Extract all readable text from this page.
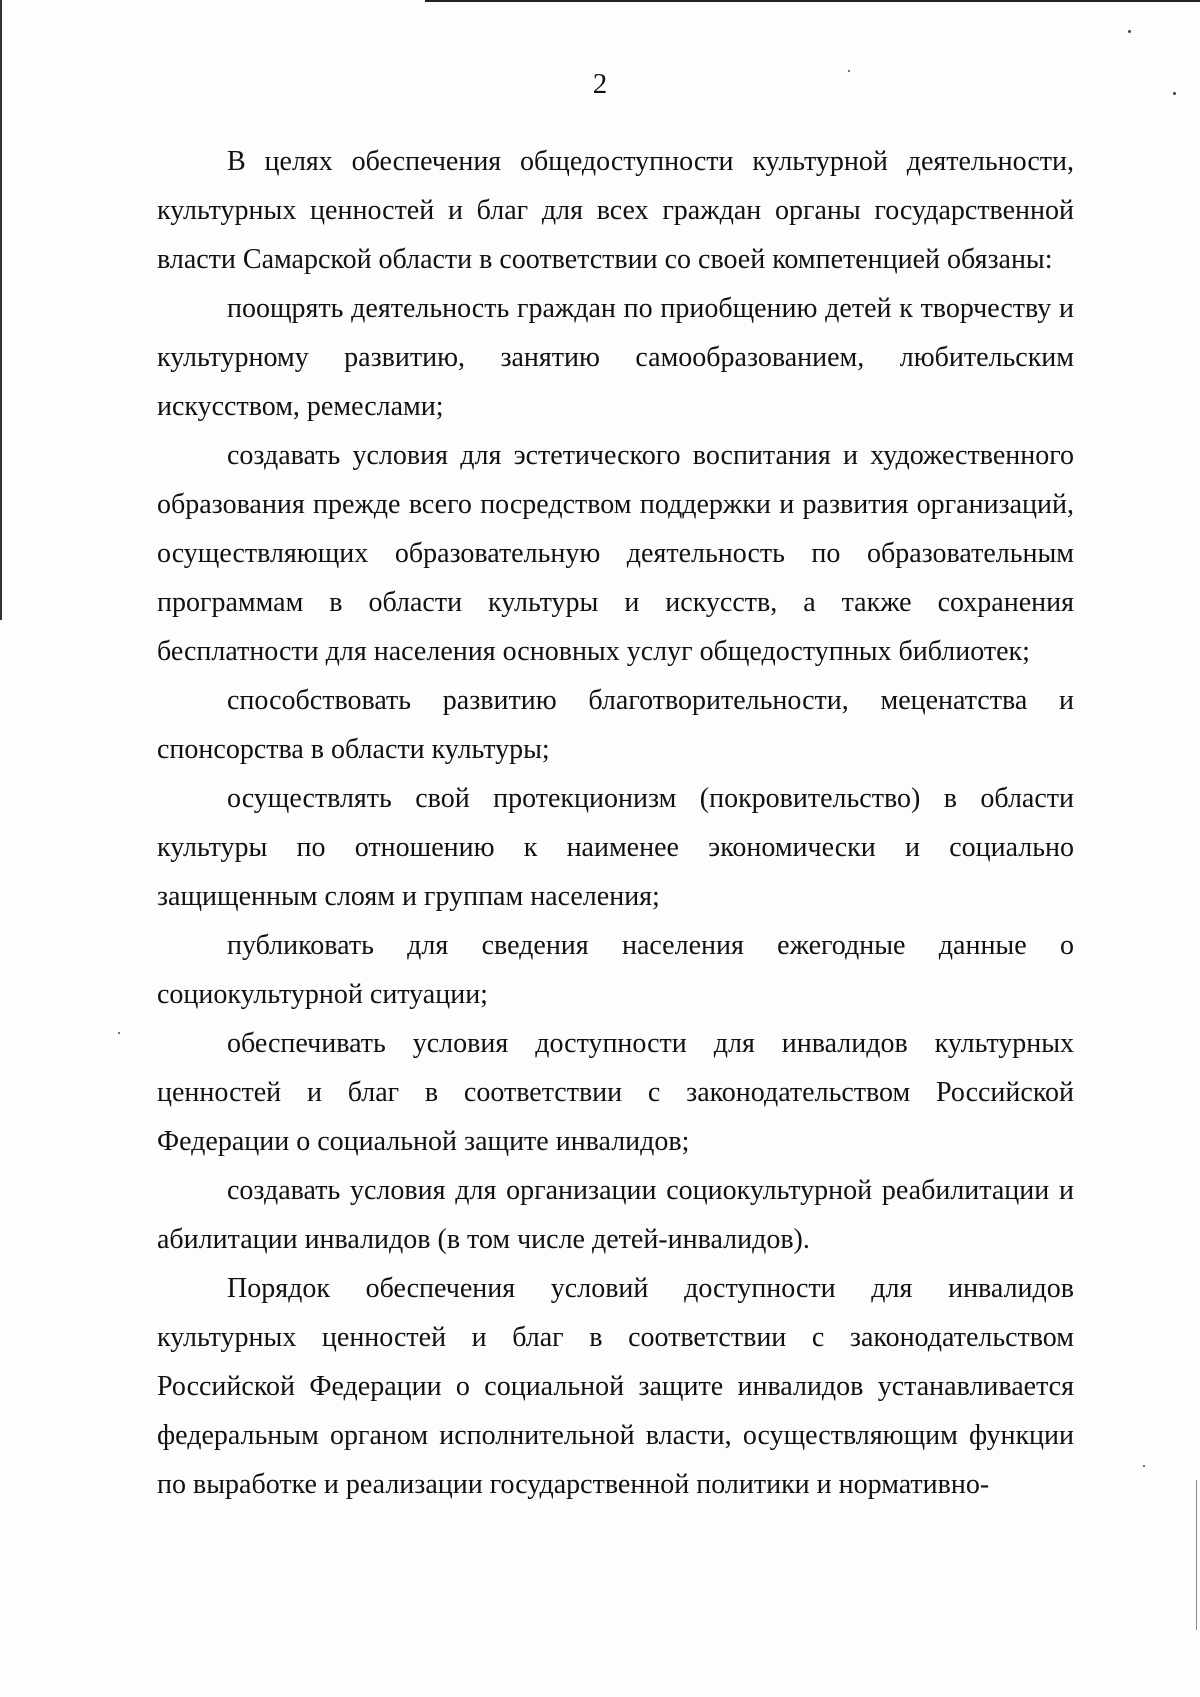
2

В целях обеспечения общедоступности культурной деятельности, культурных ценностей и благ для всех граждан органы государственной власти Самарской области в соответствии со своей компетенцией обязаны:

поощрять деятельность граждан по приобщению детей к творчеству и культурному развитию, занятию самообразованием, любительским искусством, ремеслами;

создавать условия для эстетического воспитания и художественного образования прежде всего посредством поддержки и развития организаций, осуществляющих образовательную деятельность по образовательным программам в области культуры и искусств, а также сохранения бесплатности для населения основных услуг общедоступных библиотек;

способствовать развитию благотворительности, меценатства и спонсорства в области культуры;

осуществлять свой протекционизм (покровительство) в области культуры по отношению к наименее экономически и социально защищенным слоям и группам населения;

публиковать для сведения населения ежегодные данные о социокультурной ситуации;

обеспечивать условия доступности для инвалидов культурных ценностей и благ в соответствии с законодательством Российской Федерации о социальной защите инвалидов;

создавать условия для организации социокультурной реабилитации и абилитации инвалидов (в том числе детей-инвалидов).

Порядок обеспечения условий доступности для инвалидов культурных ценностей и благ в соответствии с законодательством Российской Федерации о социальной защите инвалидов устанавливается федеральным органом исполнительной власти, осуществляющим функции по выработке и реализации государственной политики и нормативно-
